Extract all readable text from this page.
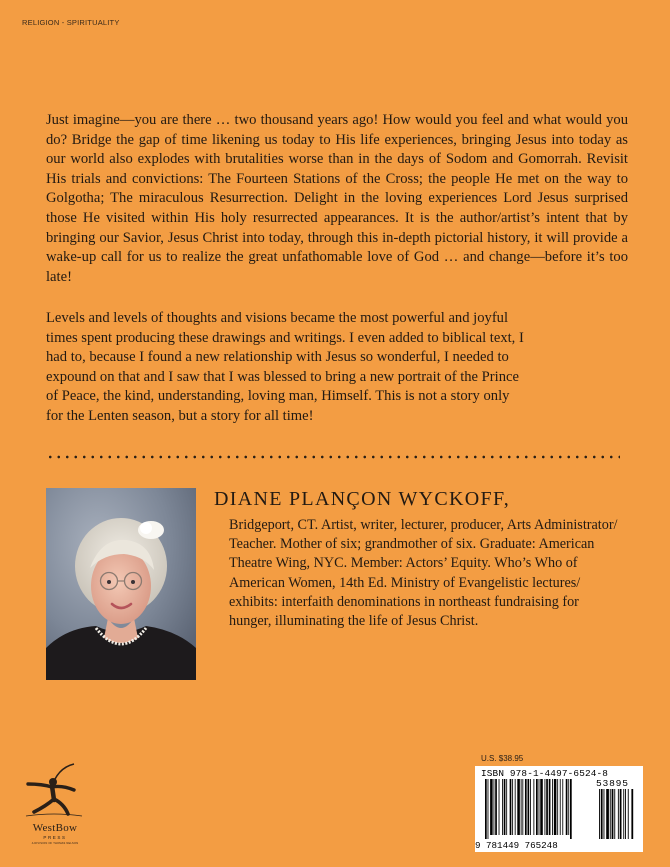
RELIGION - SPIRITUALITY

Just imagine—you are there … two thousand years ago! How would you feel and what would you do? Bridge the gap of time likening us today to His life experiences, bringing Jesus into today as our world also explodes with brutalities worse than in the days of Sodom and Gomorrah. Revisit His trials and convictions: The Fourteen Stations of the Cross; the people He met on the way to Golgotha; The miraculous Resurrection. Delight in the loving experiences Lord Jesus surprised those He visited within His holy resurrected appearances. It is the author/artist’s intent that by bringing our Savior, Jesus Christ into today, through this in-depth pictorial history, it will provide a wake-up call for us to realize the great unfathomable love of God … and change—before it’s too late!

Levels and levels of thoughts and visions became the most powerful and joyful times spent producing these drawings and writings. I even added to biblical text, I had to, because I found a new relationship with Jesus so wonderful, I needed to expound on that and I saw that I was blessed to bring a new portrait of the Prince of Peace, the kind, understanding, loving man, Himself. This is not a story only for the Lenten season, but a story for all time!

DIANE PLANÇON WYCKOFF,

Bridgeport, CT. Artist, writer, lecturer, producer, Arts Administrator/ Teacher. Mother of six; grandmother of six. Graduate: American Theatre Wing, NYC. Member: Actors’ Equity. Who’s Who of American Women, 14th Ed. Ministry of Evangelistic lectures/ exhibits: interfaith denominations in northeast fundraising for hunger, illuminating the life of Jesus Christ.

WestBow
PRESS
A DIVISION OF THOMAS NELSON
U.S. $38.95
ISBN 978-1-4497-6524-8
53895
9 781449 765248
